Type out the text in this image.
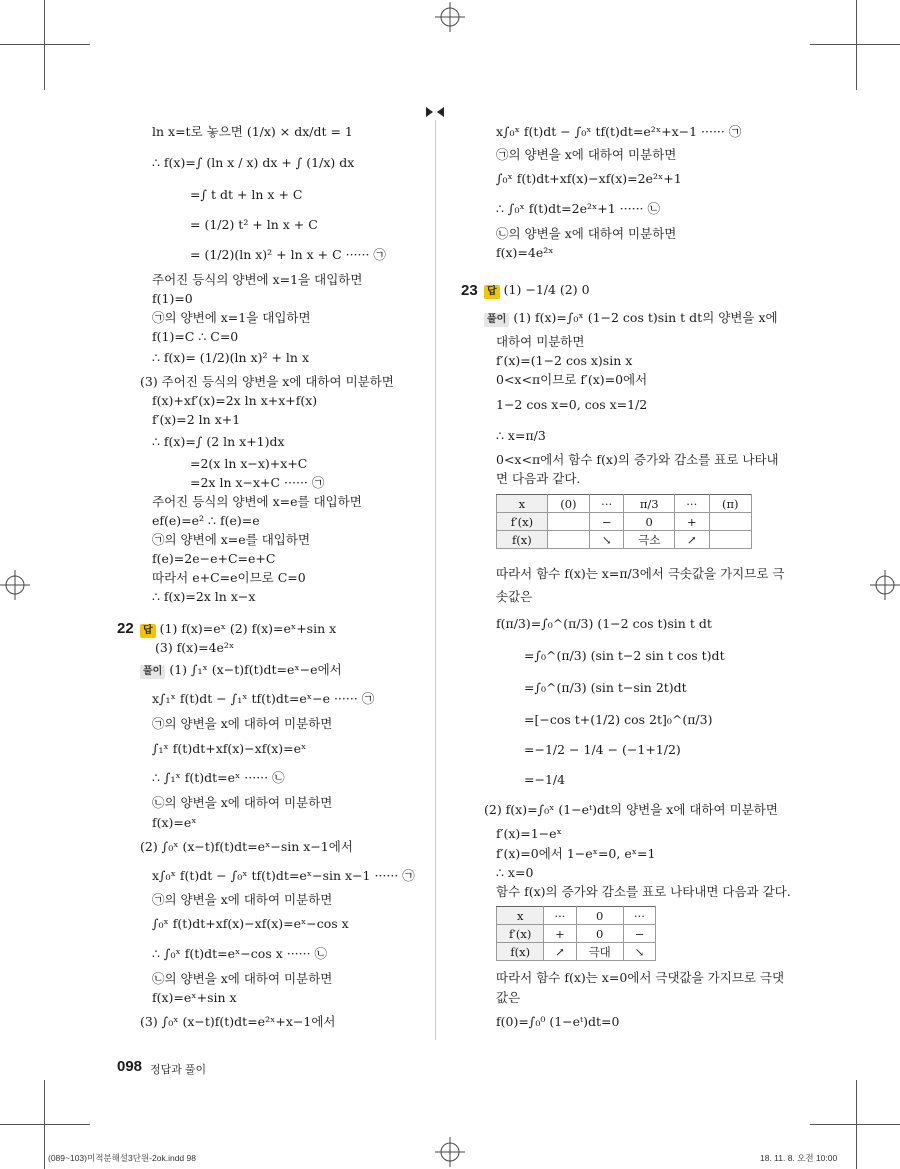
ln x=t로 놓으면 (1/x) × dx/dt = 1
∴ f(x)=∫ (ln x / x) dx + ∫ (1/x) dx
=∫ t dt + ln x + C
= (1/2) t² + ln x + C
= (1/2)(ln x)² + ln x + C ······ ㉠
주어진 등식의 양변에 x=1을 대입하면
f(1)=0
㉠의 양변에 x=1을 대입하면
f(1)=C ∴ C=0
∴ f(x)= (1/2)(ln x)² + ln x
(3) 주어진 등식의 양변을 x에 대하여 미분하면
f(x)+xf′(x)=2x ln x+x+f(x)
f′(x)=2 ln x+1
∴ f(x)=∫ (2 ln x+1)dx
=2(x ln x−x)+x+C
=2x ln x−x+C ······ ㉠
주어진 등식의 양변에 x=e를 대입하면
ef(e)=e² ∴ f(e)=e
㉠의 양변에 x=e를 대입하면
f(e)=2e−e+C=e+C
따라서 e+C=e이므로 C=0
∴ f(x)=2x ln x−x
22 답 (1) f(x)=eˣ (2) f(x)=eˣ+sin x
(3) f(x)=4e²ˣ
풀이 (1) ∫₁ˣ (x−t)f(t)dt=eˣ−e에서
x∫₁ˣ f(t)dt − ∫₁ˣ tf(t)dt=eˣ−e ······ ㉠
㉠의 양변을 x에 대하여 미분하면
∫₁ˣ f(t)dt+xf(x)−xf(x)=eˣ
∴ ∫₁ˣ f(t)dt=eˣ ······ ㉡
㉡의 양변을 x에 대하여 미분하면
f(x)=eˣ
(2) ∫₀ˣ (x−t)f(t)dt=eˣ−sin x−1에서
x∫₀ˣ f(t)dt − ∫₀ˣ tf(t)dt=eˣ−sin x−1 ······ ㉠
㉠의 양변을 x에 대하여 미분하면
∫₀ˣ f(t)dt+xf(x)−xf(x)=eˣ−cos x
∴ ∫₀ˣ f(t)dt=eˣ−cos x ······ ㉡
㉡의 양변을 x에 대하여 미분하면
f(x)=eˣ+sin x
(3) ∫₀ˣ (x−t)f(t)dt=e²ˣ+x−1에서
x∫₀ˣ f(t)dt − ∫₀ˣ tf(t)dt=e²ˣ+x−1 ······ ㉠
㉠의 양변을 x에 대하여 미분하면
∫₀ˣ f(t)dt+xf(x)−xf(x)=2e²ˣ+1
∴ ∫₀ˣ f(t)dt=2e²ˣ+1 ······ ㉡
㉡의 양변을 x에 대하여 미분하면
f(x)=4e²ˣ
23 답 (1) −1/4 (2) 0
풀이 (1) f(x)=∫₀ˣ (1−2 cos t)sin t dt의 양변을 x에
대하여 미분하면
f′(x)=(1−2 cos x)sin x
0<x<π이므로 f′(x)=0에서
1−2 cos x=0, cos x=1/2
∴ x=π/3
0<x<π에서 함수 f(x)의 증가와 감소를 표로 나타내
면 다음과 같다.
x	(0)	···	π/3	···	(π)
f′(x)		−	0	+	
f(x)		↘	극소	↗	
따라서 함수 f(x)는 x=π/3에서 극솟값을 가지므로 극
솟값은
f(π/3)=∫₀^(π/3) (1−2 cos t)sin t dt
=∫₀^(π/3) (sin t−2 sin t cos t)dt
=∫₀^(π/3) (sin t−sin 2t)dt
=[−cos t+(1/2) cos 2t]₀^(π/3)
=−1/2 − 1/4 − (−1+1/2)
=−1/4
(2) f(x)=∫₀ˣ (1−eᵗ)dt의 양변을 x에 대하여 미분하면
f′(x)=1−eˣ
f′(x)=0에서 1−eˣ=0, eˣ=1
∴ x=0
함수 f(x)의 증가와 감소를 표로 나타내면 다음과 같다.
x	···	0	···
f′(x)	+	0	−
f(x)	↗	극대	↘
따라서 함수 f(x)는 x=0에서 극댓값을 가지므로 극댓
값은
f(0)=∫₀⁰ (1−eᵗ)dt=0
098 정답과 풀이
(089~103)미적분해설3단원-2ok.indd 98	18. 11. 8. 오전 10:00
